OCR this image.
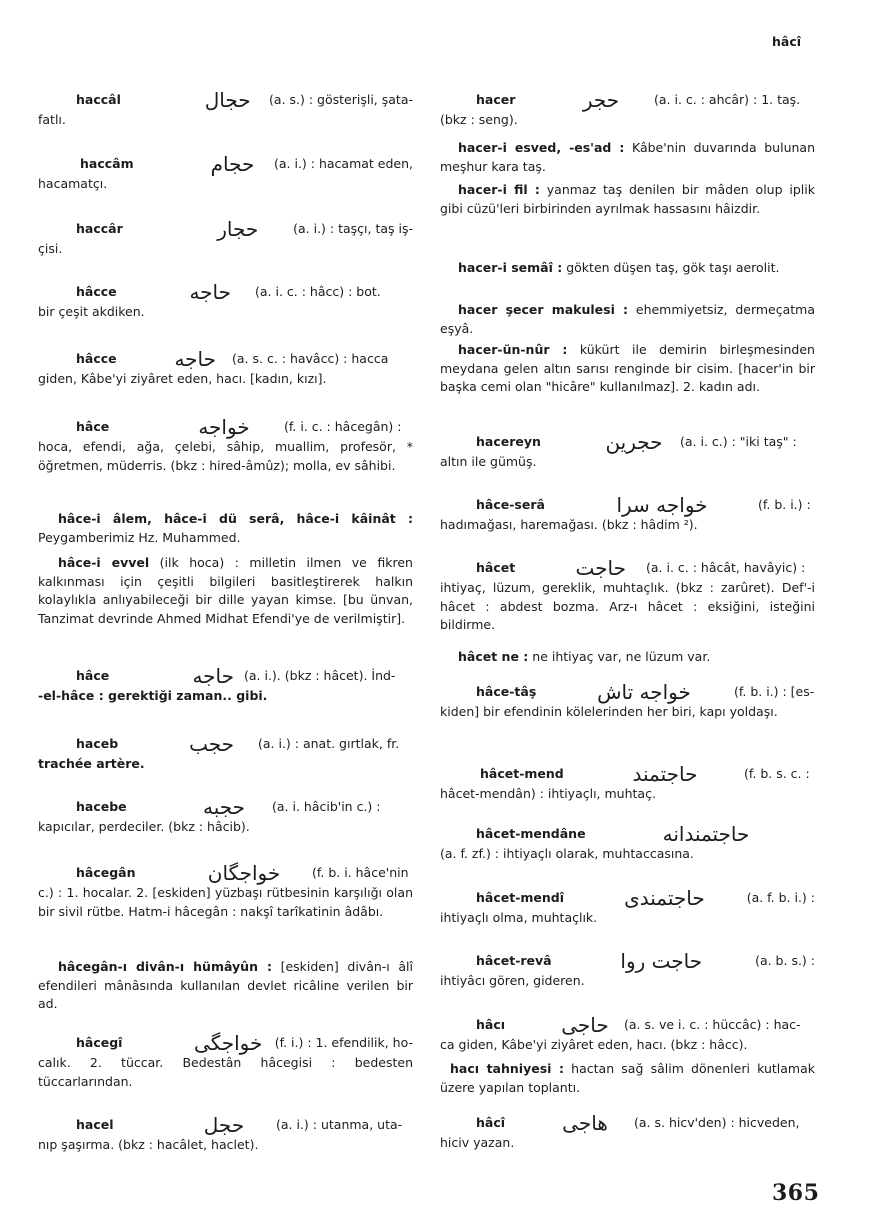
hâcî
haccâl	حجال	(a. s.) : gösterişli, şata-
fatlı.
haccâm	حجام	(a. i.) : hacamat eden,
hacamatçı.
haccâr	حجار	(a. i.) : taşçı, taş iş-
çisi.
hâcce	حاجه	(a. i. c. : hâcc) : bot.
bir çeşit akdiken.
hâcce	حاجه	(a. s. c. : havâcc) : hacca
giden, Kâbe'yi ziyâret eden, hacı. [kadın, kızı].
hâce	خواجه	(f. i. c. : hâcegân) :
hoca, efendi, ağa, çelebi, sâhip, muallim, profesör, * öğretmen, müderris. (bkz : hired-âmûz); molla, ev sâhibi.
hâce-i âlem, hâce-i dü serâ, hâce-i kâinât : Peygamberimiz Hz. Muhammed.
hâce-i evvel (ilk hoca) : milletin ilmen ve fikren kalkınması için çeşitli bilgileri basitleştirerek halkın kolaylıkla anlıyabileceği bir dille yayan kimse. [bu ünvan, Tanzimat devrinde Ahmed Midhat Efendi'ye de verilmiştir].
hâce	حاجه (a. i.). (bkz : hâcet). İnd-
-el-hâce : gerektiği zaman.. gibi.
haceb	حجب	(a. i.) : anat. gırtlak, fr.
trachée artère.
hacebe	حجبه	(a. i. hâcib'in c.) :
kapıcılar, perdeciler. (bkz : hâcib).
hâcegân	خواجگان	(f. b. i. hâce'nin
c.) : 1. hocalar. 2. [eskiden] yüzbaşı rütbesinin karşılığı olan bir sivil rütbe. Hatm-i hâcegân : nakşî tarîkatinin âdâbı.
hâcegân-ı divân-ı hümâyûn : [eskiden] divân-ı âlî efendileri mânâsında kullanılan devlet ricâline verilen bir ad.
hâcegî	خواجگی (f. i.) : 1. efendilik, ho-
calık. 2. tüccar. Bedestân hâcegisi : bedesten tüccarlarından.
hacel	حجل	(a. i.) : utanma, uta-
nıp şaşırma. (bkz : hacâlet, haclet).
hacer	حجر	(a. i. c. : ahcâr) : 1. taş.
(bkz : seng).
hacer-i esved, -es'ad : Kâbe'nin duvarında bulunan meşhur kara taş.
hacer-i fil : yanmaz taş denilen bir mâden olup iplik gibi cüzü'leri birbirinden ayrılmak hassasını hâizdir.
hacer-i semâî : gökten düşen taş, gök taşı aerolit.
hacer şecer makulesi : ehemmiyetsiz, dermeçatma eşyâ.
hacer-ün-nûr : kükürt ile demirin birleşmesinden meydana gelen altın sarısı renginde bir cisim. [hacer'in bir başka cemi olan "hicâre" kullanılmaz]. 2. kadın adı.
hacereyn	حجرین	(a. i. c.) : "iki taş" :
altın ile gümüş.
hâce-serâ	خواجه سرا	(f. b. i.) :
hadımağası, haremağası. (bkz : hâdim ²).
hâcet	حاجت	(a. i. c. : hâcât, havâyic) :
ihtiyaç, lüzum, gereklik, muhtaçlık. (bkz : zarûret). Def'-i hâcet : abdest bozma. Arz-ı hâcet : eksiğini, isteğini bildirme.
hâcet ne : ne ihtiyaç var, ne lüzum var.
hâce-tâş	خواجه تاش	(f. b. i.) : [es-
kiden] bir efendinin kölelerinden her biri, kapı yoldaşı.
hâcet-mend	حاجتمند	(f. b. s. c. :
hâcet-mendân) : ihtiyaçlı, muhtaç.
hâcet-mendâne	حاجتمندانه
(a. f. zf.) : ihtiyaçlı olarak, muhtaccasına.
hâcet-mendî	حاجتمندی	(a. f. b. i.) :
ihtiyaçlı olma, muhtaçlık.
hâcet-revâ	حاجت روا	(a. b. s.) :
ihtiyâcı gören, gideren.
hâcı	حاجی	(a. s. ve i. c. : hüccâc) : hac-
ca giden, Kâbe'yi ziyâret eden, hacı. (bkz : hâcc).
hacı tahniyesi : hactan sağ sâlim dönenleri kutlamak üzere yapılan toplantı.
hâcî	هاجی	(a. s. hicv'den) : hicveden,
hiciv yazan.
365
